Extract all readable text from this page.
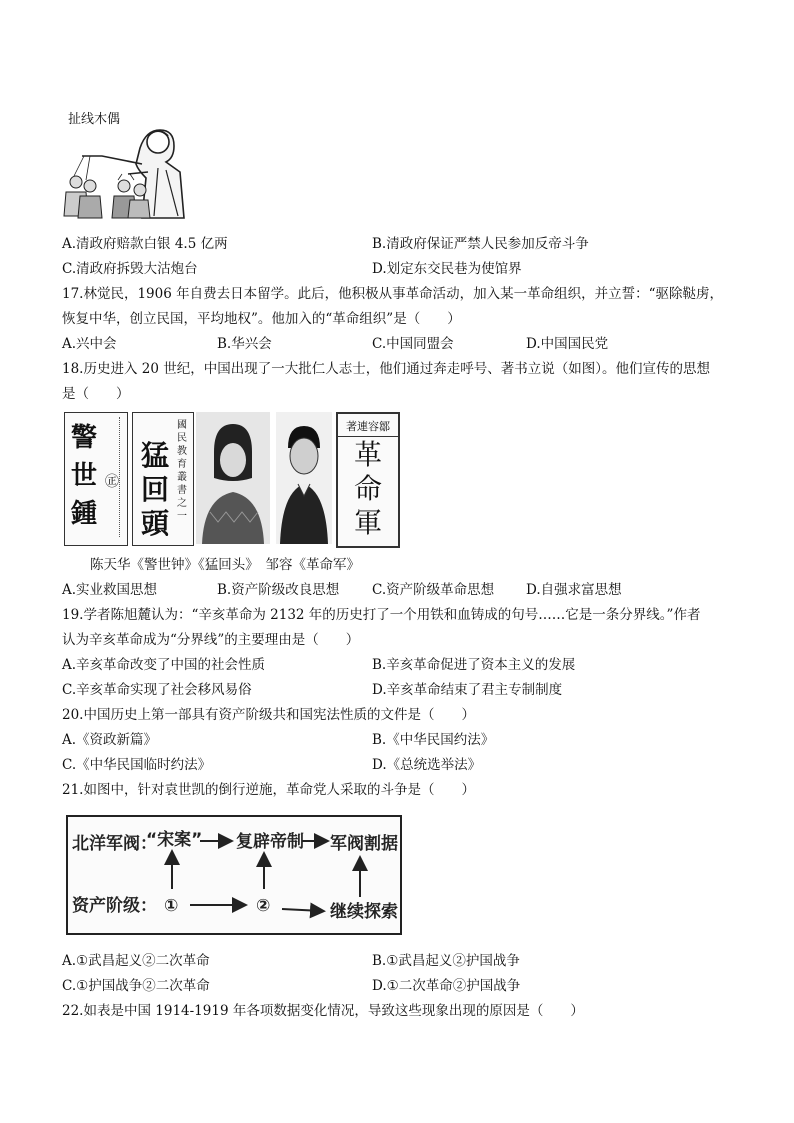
扯线木偶
A.清政府赔款白银 4.5 亿两	B.清政府保证严禁人民参加反帝斗争
C.清政府拆毁大沽炮台	D.划定东交民巷为使馆界
17.林觉民，1906 年自费去日本留学。此后，他积极从事革命活动，加入某一革命组织，并立誓：“驱除鞑虏，
恢复中华，创立民国，平均地权”。他加入的“革命组织”是（　　）
A.兴中会	B.华兴会	C.中国同盟会	D.中国国民党
18.历史进入 20 世纪，中国出现了一大批仁人志士，他们通过奔走呼号、著书立说（如图）。他们宣传的思想
是（　　）
警世鍾
㊣
國民教育叢書之一
猛回頭
著連容鄒
革命軍
陈天华《警世钟》《猛回头》　邹容《革命军》
A.实业救国思想	B.资产阶级改良思想 C.资产阶级革命思想 D.自强求富思想
19.学者陈旭麓认为：“辛亥革命为 2132 年的历史打了一个用铁和血铸成的句号……它是一条分界线。”作者
认为辛亥革命成为“分界线”的主要理由是（　　）
A.辛亥革命改变了中国的社会性质	B.辛亥革命促进了资本主义的发展
C.辛亥革命实现了社会移风易俗	D.辛亥革命结束了君主专制制度
20.中国历史上第一部具有资产阶级共和国宪法性质的文件是（　　）
A.《资政新篇》	B.《中华民国约法》
C.《中华民国临时约法》	D.《总统选举法》
21.如图中，针对袁世凯的倒行逆施，革命党人采取的斗争是（　　）
北洋军阀：
“宋案” 复辟帝制 军阀割据
资产阶级： ①	②	继续探索
A.①武昌起义②二次革命	B.①武昌起义②护国战争
C.①护国战争②二次革命	D.①二次革命②护国战争
22.如表是中国 1914-1919 年各项数据变化情况，导致这些现象出现的原因是（　　）
